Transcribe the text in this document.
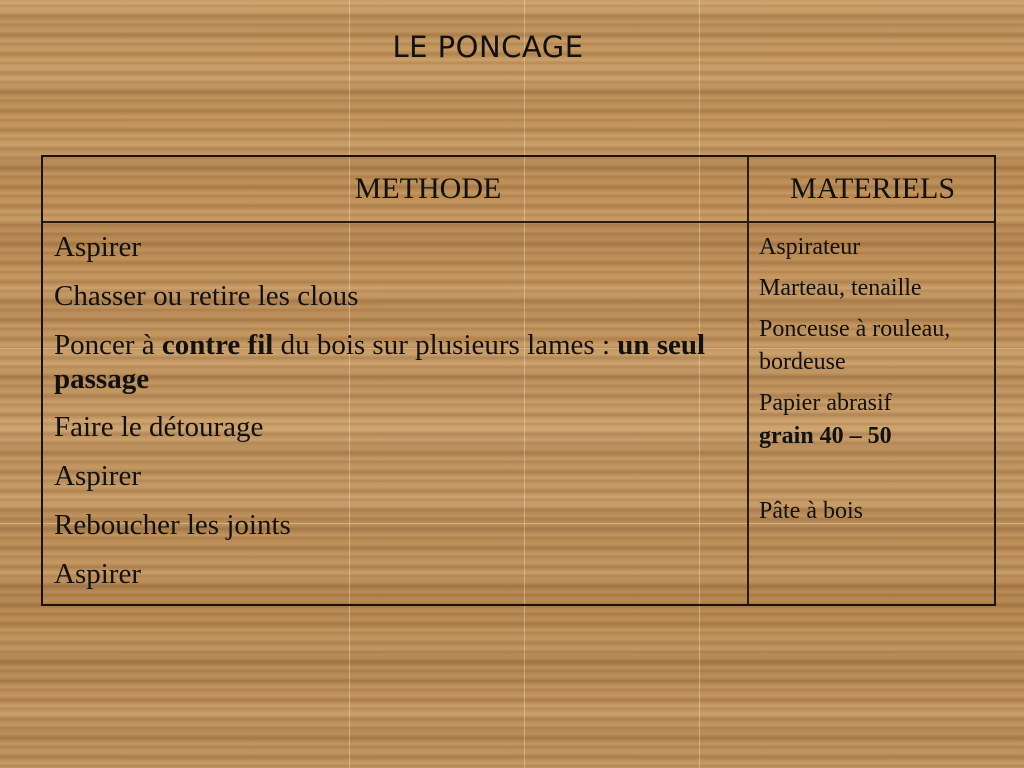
LE PONCAGE
METHODE	MATERIELS
Aspirer
Chasser ou retire les clous
Poncer à contre fil du bois sur plusieurs lames : un seul passage
Faire le détourage
Aspirer
Reboucher les joints
Aspirer
Aspirateur
Marteau, tenaille
Ponceuse à rouleau, bordeuse
Papier abrasif
grain 40 – 50
Pâte à bois
